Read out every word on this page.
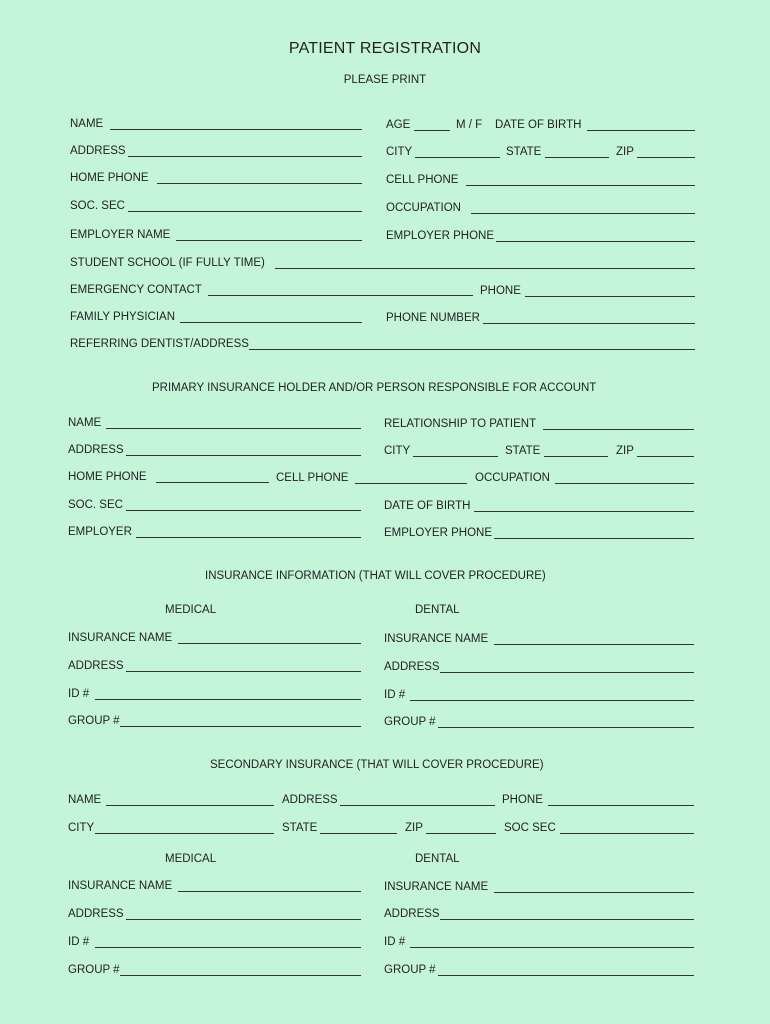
PATIENT REGISTRATION
PLEASE PRINT
NAME	AGE	M / F DATE OF BIRTH
ADDRESS	CITY	STATE	ZIP
HOME PHONE	CELL PHONE
SOC. SEC	OCCUPATION
EMPLOYER NAME	EMPLOYER PHONE
STUDENT SCHOOL (IF FULLY TIME)
EMERGENCY CONTACT	PHONE
FAMILY PHYSICIAN	PHONE NUMBER
REFERRING DENTIST/ADDRESS
PRIMARY INSURANCE HOLDER AND/OR PERSON RESPONSIBLE FOR ACCOUNT
NAME	RELATIONSHIP TO PATIENT
ADDRESS	CITY	STATE	ZIP
HOME PHONE	CELL PHONE	OCCUPATION
SOC. SEC	DATE OF BIRTH
EMPLOYER	EMPLOYER PHONE
INSURANCE INFORMATION (THAT WILL COVER PROCEDURE)
MEDICAL	DENTAL
INSURANCE NAME	INSURANCE NAME
ADDRESS	ADDRESS
ID #	ID #
GROUP #	GROUP #
SECONDARY INSURANCE (THAT WILL COVER PROCEDURE)
NAME	ADDRESS	PHONE
CITY	STATE	ZIP	SOC SEC
MEDICAL	DENTAL
INSURANCE NAME	INSURANCE NAME
ADDRESS	ADDRESS
ID #	ID #
GROUP #	GROUP #
